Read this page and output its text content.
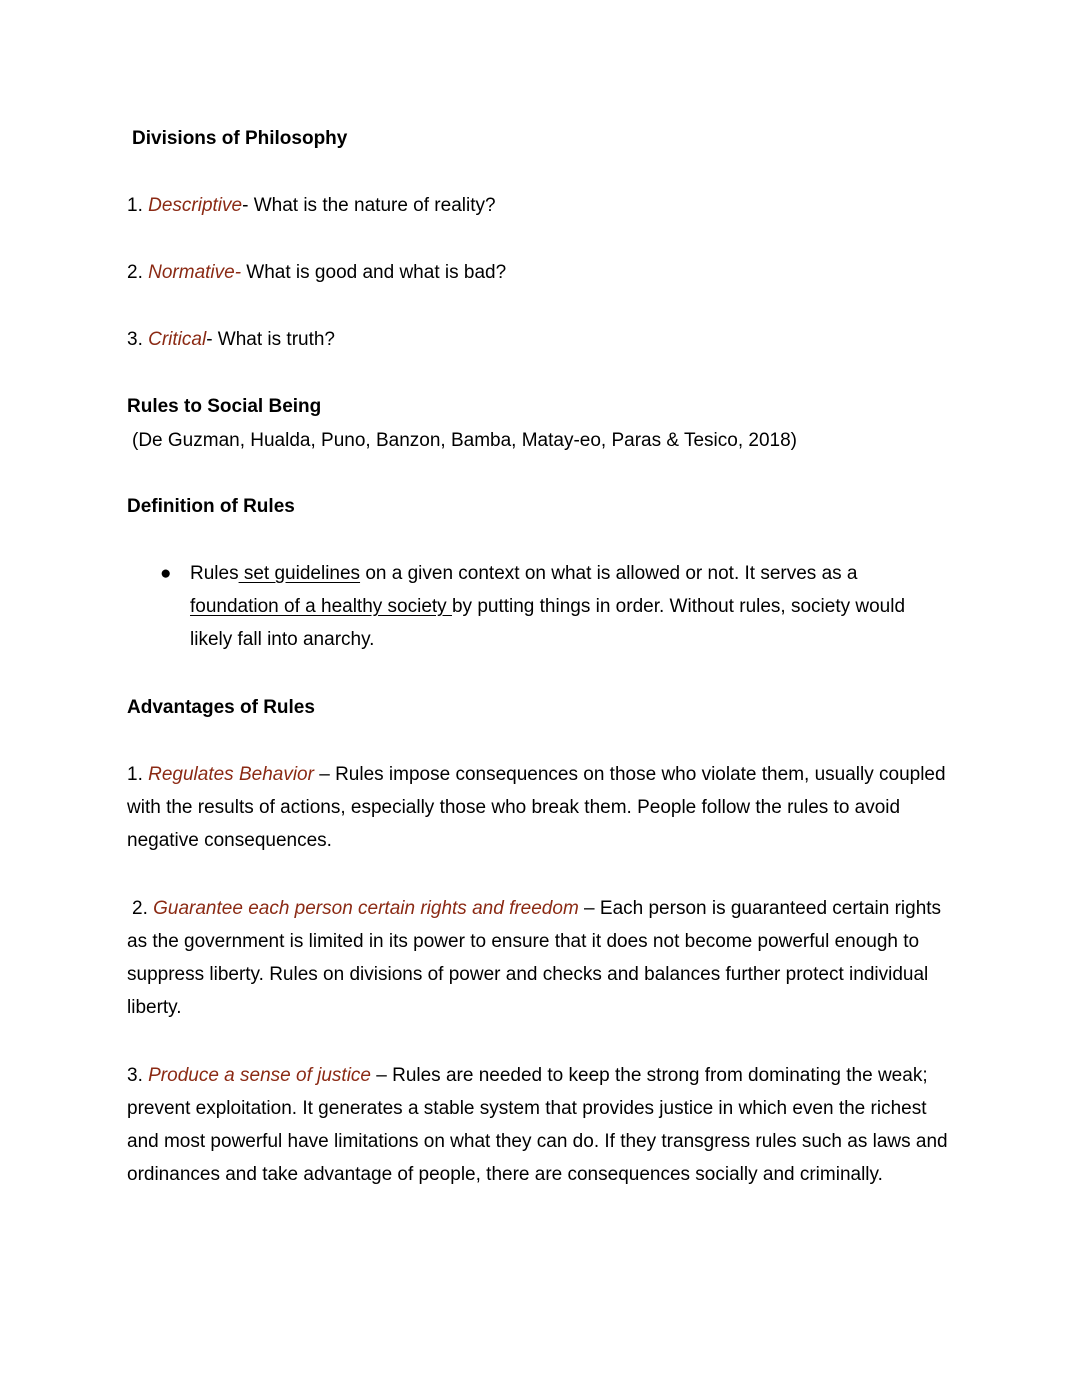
Divisions of Philosophy
1. Descriptive- What is the nature of reality?
2. Normative- What is good and what is bad?
3. Critical- What is truth?
Rules to Social Being
(De Guzman, Hualda, Puno, Banzon, Bamba, Matay-eo, Paras & Tesico, 2018)
Definition of Rules
● Rules set guidelines on a given context on what is allowed or not. It serves as a foundation of a healthy society by putting things in order. Without rules, society would likely fall into anarchy.
Advantages of Rules
1. Regulates Behavior – Rules impose consequences on those who violate them, usually coupled with the results of actions, especially those who break them. People follow the rules to avoid negative consequences.
2. Guarantee each person certain rights and freedom – Each person is guaranteed certain rights as the government is limited in its power to ensure that it does not become powerful enough to suppress liberty. Rules on divisions of power and checks and balances further protect individual liberty.
3. Produce a sense of justice – Rules are needed to keep the strong from dominating the weak; prevent exploitation. It generates a stable system that provides justice in which even the richest and most powerful have limitations on what they can do. If they transgress rules such as laws and ordinances and take advantage of people, there are consequences socially and criminally.
